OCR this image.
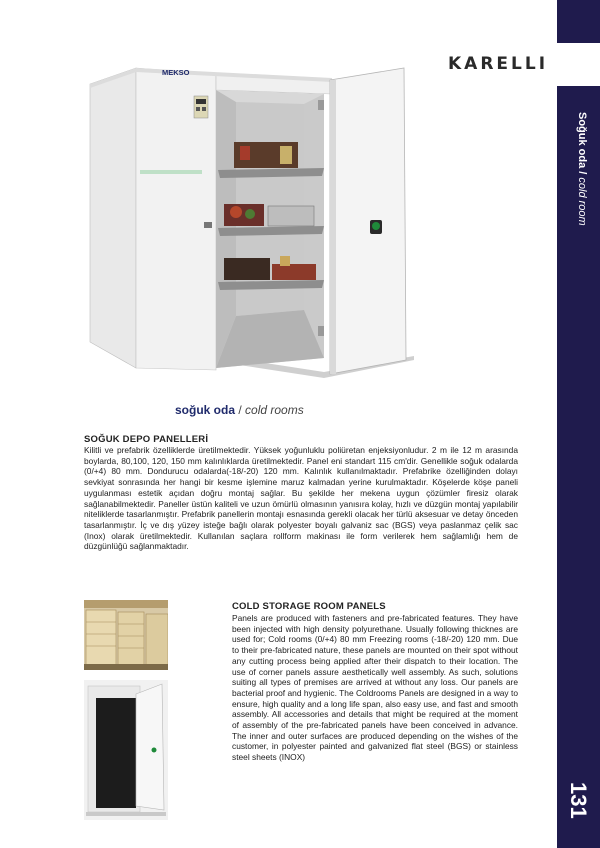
Soğuk oda / cold room
131
KARELLI
MEKSO
soğuk oda / cold rooms
SOĞUK DEPO PANELLERİ
Kilitli ve prefabrik özelliklerde üretilmektedir. Yüksek yoğunluklu poliüretan enjeksiyonludur. 2 m ile 12 m arasında boylarda, 80,100, 120, 150 mm kalınlıklarda üretilmektedir. Panel eni standart 115 cm'dir. Genellikle soğuk odalarda (0/+4) 80 mm. Dondurucu odalarda(-18/-20) 120 mm. Kalınlık kullanılmaktadır. Prefabrike özelliğinden dolayı sevkiyat sonrasında her hangi bir kesme işlemine maruz kalmadan yerine kurulmaktadır. Köşelerde köşe paneli uygulanması estetik açıdan doğru montaj sağlar. Bu şekilde her mekena uygun çözümler firesiz olarak sağlanabilmektedir. Paneller üstün kaliteli ve uzun ömürlü olmasının yanısıra kolay, hızlı ve düzgün montaj yapılabilir niteliklerde tasarlanmıştır. Prefabrik panellerin montajı esnasında gerekli olacak her türlü aksesuar ve detay önceden tasarlanmıştır. İç ve dış yüzey isteğe bağlı olarak polyester boyalı galvaniz sac (BGS) veya paslanmaz çelik sac (Inox) olarak üretilmektedir. Kullanılan saçlara rollform makinası ile form verilerek hem sağlamlığı hem de düzgünlüğü sağlanmaktadır.
COLD STORAGE ROOM PANELS
Panels are produced with fasteners and pre-fabricated features. They have been injected with high density polyurethane. Usually following thicknes are used for; Cold rooms (0/+4) 80 mm Freezing rooms (-18/-20) 120 mm. Due to their pre-fabricated nature, these panels are mounted on their spot without any cutting process being applied after their dispatch to their location. The use of corner panels assure aesthetically well assembly. As such, solutions suiting all types of premises are arrived at without any loss. Our panels are bacterial proof and hygienic. The Coldrooms Panels are designed in a way to ensure, high quality and a long life span, also easy use, and fast and smooth assembly. All accessories and details that might be required at the moment of assembly of the pre-fabricated panels have been conceived in advance. The inner and outer surfaces are produced depending on the wishes of the customer, in polyester painted and galvanized flat steel (BGS) or stainless steel sheets (INOX)
